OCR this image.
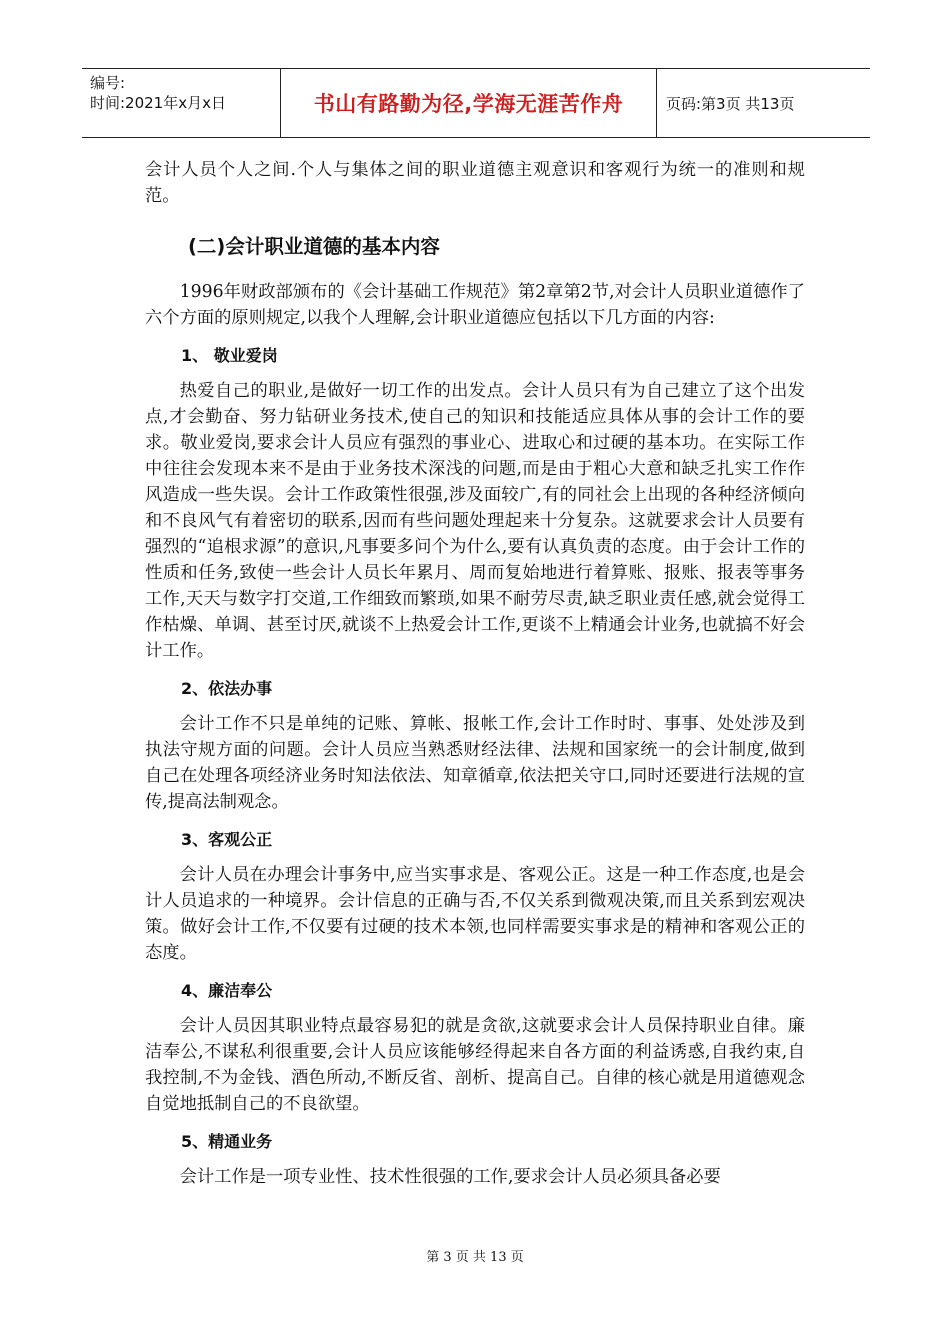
编号:
时间:2021年x月x日	书山有路勤为径,学海无涯苦作舟	页码:第3页 共13页

会计人员个人之间.个人与集体之间的职业道德主观意识和客观行为统一的准则和规范。

(二)会计职业道德的基本内容

1996年财政部颁布的《会计基础工作规范》第2章第2节,对会计人员职业道德作了六个方面的原则规定,以我个人理解,会计职业道德应包括以下几方面的内容:

1、 敬业爱岗

热爱自己的职业,是做好一切工作的出发点。会计人员只有为自己建立了这个出发点,才会勤奋、努力钻研业务技术,使自己的知识和技能适应具体从事的会计工作的要求。敬业爱岗,要求会计人员应有强烈的事业心、进取心和过硬的基本功。在实际工作中往往会发现本来不是由于业务技术深浅的问题,而是由于粗心大意和缺乏扎实工作作风造成一些失误。会计工作政策性很强,涉及面较广,有的同社会上出现的各种经济倾向和不良风气有着密切的联系,因而有些问题处理起来十分复杂。这就要求会计人员要有强烈的“追根求源”的意识,凡事要多问个为什么,要有认真负责的态度。由于会计工作的性质和任务,致使一些会计人员长年累月、周而复始地进行着算账、报账、报表等事务工作,天天与数字打交道,工作细致而繁琐,如果不耐劳尽责,缺乏职业责任感,就会觉得工作枯燥、单调、甚至讨厌,就谈不上热爱会计工作,更谈不上精通会计业务,也就搞不好会计工作。

2、依法办事

会计工作不只是单纯的记账、算帐、报帐工作,会计工作时时、事事、处处涉及到执法守规方面的问题。会计人员应当熟悉财经法律、法规和国家统一的会计制度,做到自己在处理各项经济业务时知法依法、知章循章,依法把关守口,同时还要进行法规的宣传,提高法制观念。

3、客观公正

会计人员在办理会计事务中,应当实事求是、客观公正。这是一种工作态度,也是会计人员追求的一种境界。会计信息的正确与否,不仅关系到微观决策,而且关系到宏观决策。做好会计工作,不仅要有过硬的技术本领,也同样需要实事求是的精神和客观公正的态度。

4、廉洁奉公

会计人员因其职业特点最容易犯的就是贪欲,这就要求会计人员保持职业自律。廉洁奉公,不谋私利很重要,会计人员应该能够经得起来自各方面的利益诱惑,自我约束,自我控制,不为金钱、酒色所动,不断反省、剖析、提高自己。自律的核心就是用道德观念自觉地抵制自己的不良欲望。

5、精通业务

会计工作是一项专业性、技术性很强的工作,要求会计人员必须具备必要

第 3 页 共 13 页
